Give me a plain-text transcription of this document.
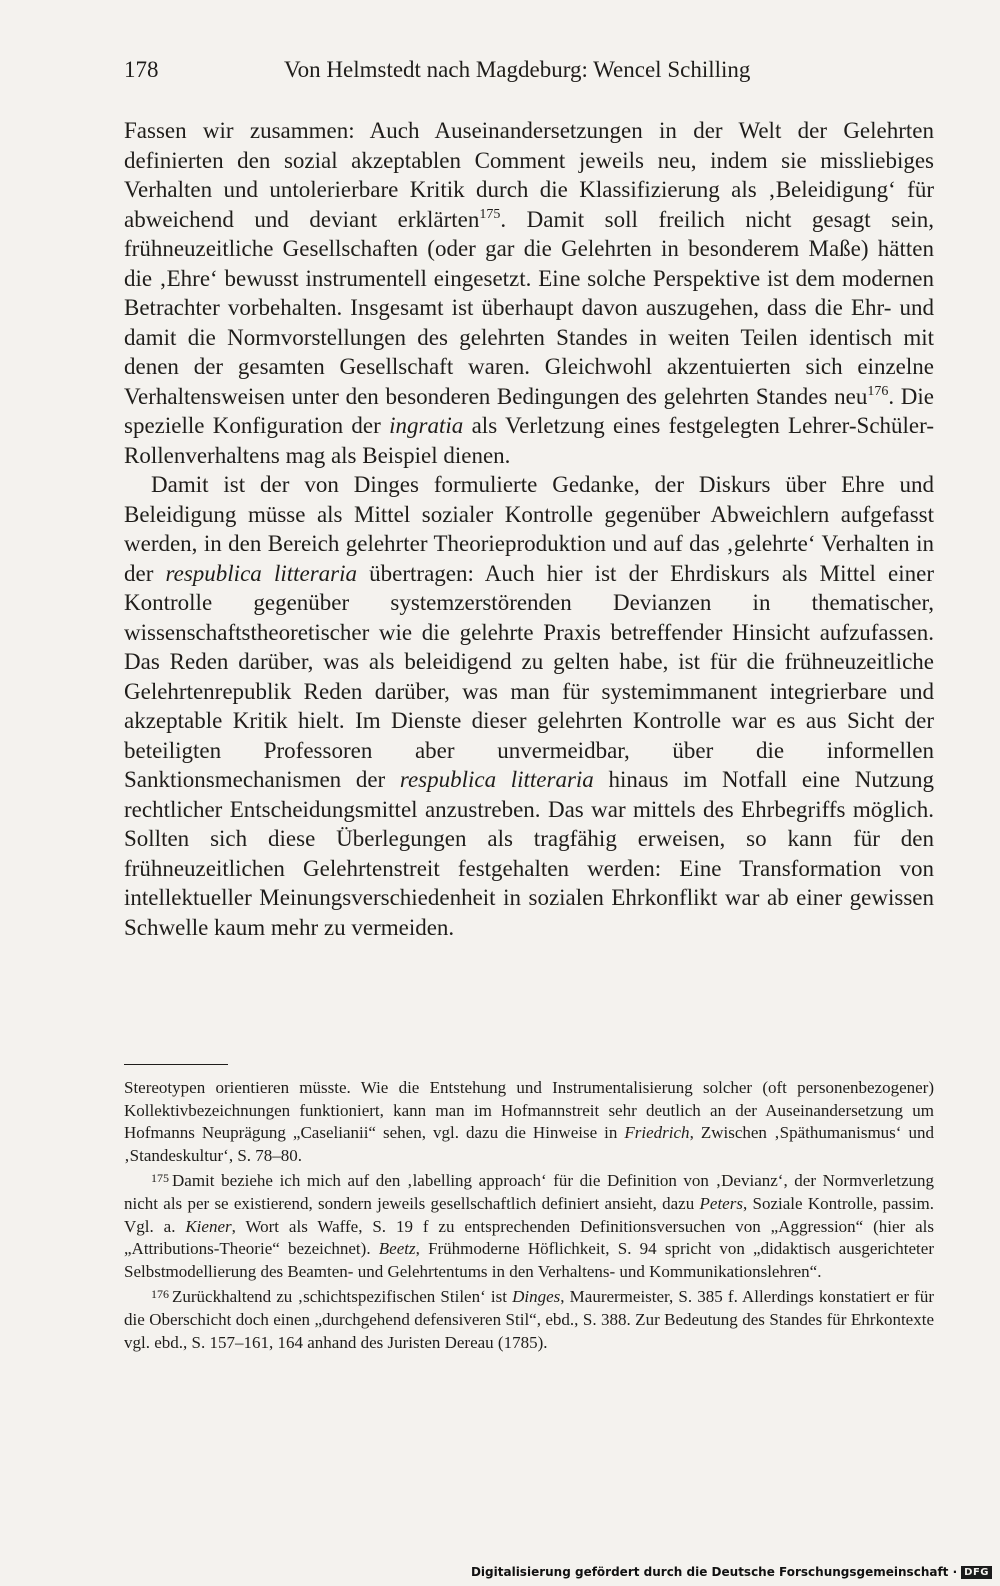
178	Von Helmstedt nach Magdeburg: Wencel Schilling

Fassen wir zusammen: Auch Auseinandersetzungen in der Welt der Gelehrten definierten den sozial akzeptablen Comment jeweils neu, indem sie missliebiges Verhalten und untolerierbare Kritik durch die Klassifizierung als ‚Beleidigung‘ für abweichend und deviant erklärten$^{175}$. Damit soll freilich nicht gesagt sein, frühneuzeitliche Gesellschaften (oder gar die Gelehrten in besonderem Maße) hätten die ‚Ehre‘ bewusst instrumentell eingesetzt. Eine solche Perspektive ist dem modernen Betrachter vorbehalten. Insgesamt ist überhaupt davon auszugehen, dass die Ehr- und damit die Normvorstellungen des gelehrten Standes in weiten Teilen identisch mit denen der gesamten Gesellschaft waren. Gleichwohl akzentuierten sich einzelne Verhaltensweisen unter den besonderen Bedingungen des gelehrten Standes neu$^{176}$. Die spezielle Konfiguration der ingratia als Verletzung eines festgelegten Lehrer-Schüler-Rollenverhaltens mag als Beispiel dienen.

Damit ist der von Dinges formulierte Gedanke, der Diskurs über Ehre und Beleidigung müsse als Mittel sozialer Kontrolle gegenüber Abweichlern aufgefasst werden, in den Bereich gelehrter Theorieproduktion und auf das ‚gelehrte‘ Verhalten in der respublica litteraria übertragen: Auch hier ist der Ehrdiskurs als Mittel einer Kontrolle gegenüber systemzerstörenden Devianzen in thematischer, wissenschaftstheoretischer wie die gelehrte Praxis betreffender Hinsicht aufzufassen. Das Reden darüber, was als beleidigend zu gelten habe, ist für die frühneuzeitliche Gelehrtenrepublik Reden darüber, was man für systemimmanent integrierbare und akzeptable Kritik hielt. Im Dienste dieser gelehrten Kontrolle war es aus Sicht der beteiligten Professoren aber unvermeidbar, über die informellen Sanktionsmechanismen der respublica litteraria hinaus im Notfall eine Nutzung rechtlicher Entscheidungsmittel anzustreben. Das war mittels des Ehrbegriffs möglich. Sollten sich diese Überlegungen als tragfähig erweisen, so kann für den frühneuzeitlichen Gelehrtenstreit festgehalten werden: Eine Transformation von intellektueller Meinungsverschiedenheit in sozialen Ehrkonflikt war ab einer gewissen Schwelle kaum mehr zu vermeiden.

Stereotypen orientieren müsste. Wie die Entstehung und Instrumentalisierung solcher (oft personenbezogener) Kollektivbezeichnungen funktioniert, kann man im Hofmannstreit sehr deutlich an der Auseinandersetzung um Hofmanns Neuprägung „Caselianii“ sehen, vgl. dazu die Hinweise in Friedrich, Zwischen ‚Späthumanismus‘ und ‚Standeskultur‘, S. 78–80.

$^{175}$ Damit beziehe ich mich auf den ‚labelling approach‘ für die Definition von ‚Devianz‘, der Normverletzung nicht als per se existierend, sondern jeweils gesellschaftlich definiert ansieht, dazu Peters, Soziale Kontrolle, passim. Vgl. a. Kiener, Wort als Waffe, S. 19 f zu entsprechenden Definitionsversuchen von „Aggression“ (hier als „Attributions-Theorie“ bezeichnet). Beetz, Frühmoderne Höflichkeit, S. 94 spricht von „didaktisch ausgerichteter Selbstmodellierung des Beamten- und Gelehrtentums in den Verhaltens- und Kommunikationslehren“.

$^{176}$ Zurückhaltend zu ‚schichtspezifischen Stilen‘ ist Dinges, Maurermeister, S. 385 f. Allerdings konstatiert er für die Oberschicht doch einen „durchgehend defensiveren Stil“, ebd., S. 388. Zur Bedeutung des Standes für Ehrkontexte vgl. ebd., S. 157–161, 164 anhand des Juristen Dereau (1785).

Digitalisierung gefördert durch die Deutsche Forschungsgemeinschaft · DFG
